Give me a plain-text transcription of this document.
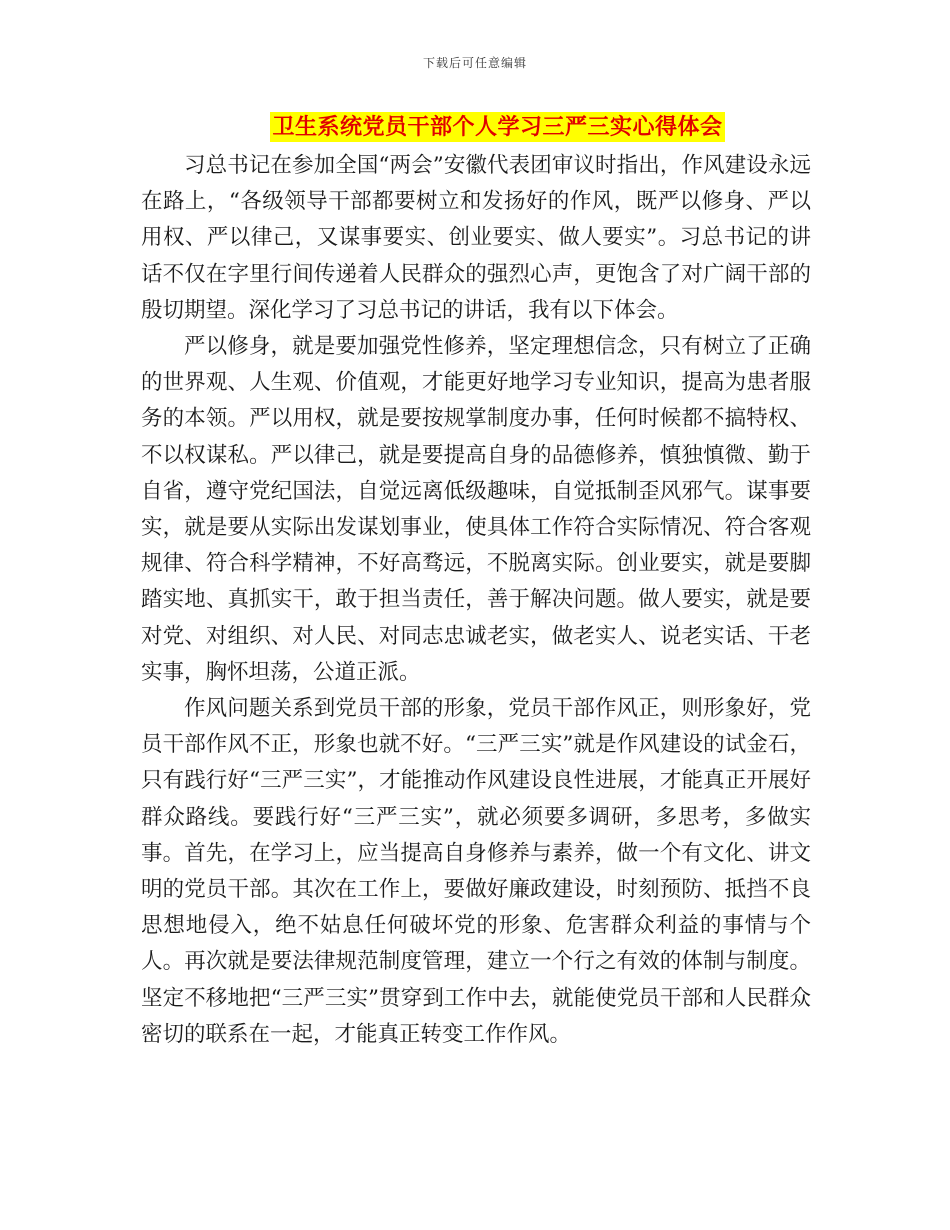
下载后可任意编辑
卫生系统党员干部个人学习三严三实心得体会

习总书记在参加全国“两会”安徽代表团审议时指出，作风建设永远在路上，“各级领导干部都要树立和发扬好的作风，既严以修身、严以用权、严以律己，又谋事要实、创业要实、做人要实”。习总书记的讲话不仅在字里行间传递着人民群众的强烈心声，更饱含了对广阔干部的殷切期望。深化学习了习总书记的讲话，我有以下体会。

严以修身，就是要加强党性修养，坚定理想信念，只有树立了正确的世界观、人生观、价值观，才能更好地学习专业知识，提高为患者服务的本领。严以用权，就是要按规掌制度办事，任何时候都不搞特权、不以权谋私。严以律己，就是要提高自身的品德修养，慎独慎微、勤于自省，遵守党纪国法，自觉远离低级趣味，自觉抵制歪风邪气。谋事要实，就是要从实际出发谋划事业，使具体工作符合实际情况、符合客观规律、符合科学精神，不好高骛远，不脱离实际。创业要实，就是要脚踏实地、真抓实干，敢于担当责任，善于解决问题。做人要实，就是要对党、对组织、对人民、对同志忠诚老实，做老实人、说老实话、干老实事，胸怀坦荡，公道正派。

作风问题关系到党员干部的形象，党员干部作风正，则形象好，党员干部作风不正，形象也就不好。“三严三实”就是作风建设的试金石，只有践行好“三严三实”，才能推动作风建设良性进展，才能真正开展好群众路线。要践行好“三严三实”，就必须要多调研，多思考，多做实事。首先，在学习上，应当提高自身修养与素养，做一个有文化、讲文明的党员干部。其次在工作上，要做好廉政建设，时刻预防、抵挡不良思想地侵入，绝不姑息任何破坏党的形象、危害群众利益的事情与个人。再次就是要法律规范制度管理，建立一个行之有效的体制与制度。坚定不移地把“三严三实”贯穿到工作中去，就能使党员干部和人民群众密切的联系在一起，才能真正转变工作作风。
